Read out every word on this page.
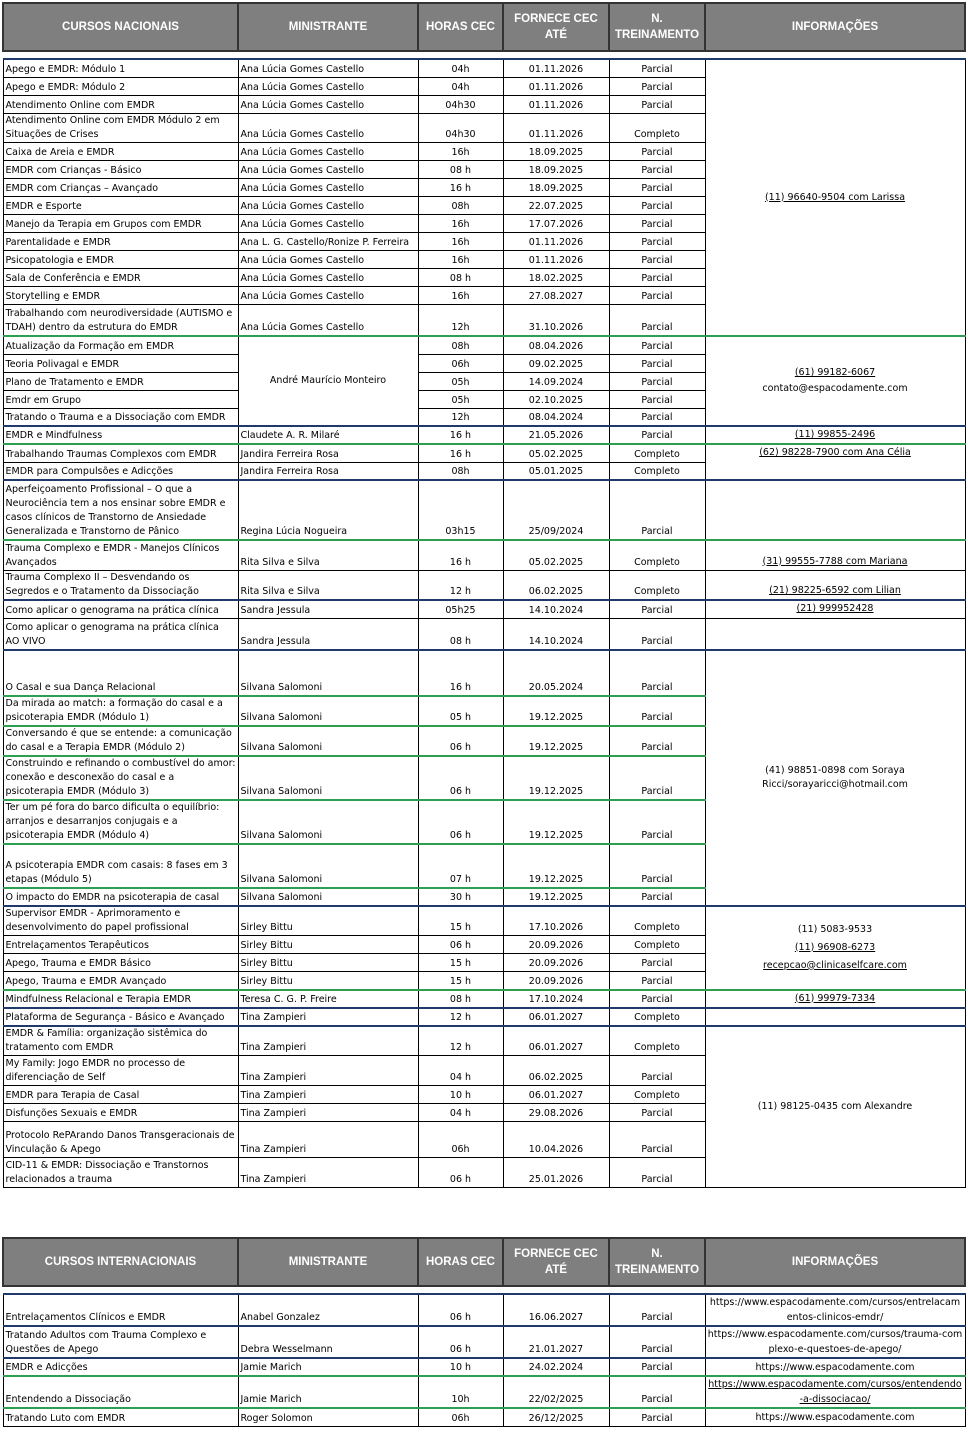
CURSOS NACIONAIS	MINISTRANTE	HORAS CEC	FORNECE CEC ATÉ	N. TREINAMENTO	INFORMAÇÕES

Apego e EMDR: Módulo 1	Ana Lúcia Gomes Castello	04h	01.11.2026	Parcial	(11) 96640-9504 com Larissa

Apego e EMDR: Módulo 2	Ana Lúcia Gomes Castello	04h	01.11.2026	Parcial	
Atendimento Online com EMDR	Ana Lúcia Gomes Castello	04h30	01.11.2026	Parcial	
Atendimento Online com EMDR Módulo 2 em Situações de Crises	Ana Lúcia Gomes Castello	04h30	01.11.2026	Completo	
Caixa de Areia e EMDR	Ana Lúcia Gomes Castello	16h	18.09.2025	Parcial	
EMDR com Crianças - Básico	Ana Lúcia Gomes Castello	08 h	18.09.2025	Parcial	
EMDR com Crianças – Avançado	Ana Lúcia Gomes Castello	16 h	18.09.2025	Parcial	
EMDR e Esporte	Ana Lúcia Gomes Castello	08h	22.07.2025	Parcial	
Manejo da Terapia em Grupos com EMDR	Ana Lúcia Gomes Castello	16h	17.07.2026	Parcial	
Parentalidade e EMDR	Ana L. G. Castello/Ronize P. Ferreira	16h	01.11.2026	Parcial	
Psicopatologia e EMDR	Ana Lúcia Gomes Castello	16h	01.11.2026	Parcial	
Sala de Conferência e EMDR	Ana Lúcia Gomes Castello	08 h	18.02.2025	Parcial	
Storytelling e EMDR	Ana Lúcia Gomes Castello	16h	27.08.2027	Parcial	
Trabalhando com neurodiversidade (AUTISMO e TDAH) dentro da estrutura do EMDR	Ana Lúcia Gomes Castello	12h	31.10.2026	Parcial	
Atualização da Formação em EMDR	André Maurício Monteiro	08h	08.04.2026	Parcial	(61) 99182-6067
contato@espacodamente.com

Teoria Polivagal e EMDR		06h	09.02.2025	Parcial	
Plano de Tratamento e EMDR		05h	14.09.2024	Parcial	
Emdr em Grupo		05h	02.10.2025	Parcial	
Tratando o Trauma e a Dissociação com EMDR		12h	08.04.2024	Parcial	
EMDR e Mindfulness	Claudete A. R. Milaré	16 h	21.05.2026	Parcial	(11) 99855-2496

Trabalhando Traumas Complexos com EMDR	Jandira Ferreira Rosa	16 h	05.02.2025	Completo	(62) 98228-7900 com Ana Célia

EMDR para Compulsões e Adicções	Jandira Ferreira Rosa	08h	05.01.2025	Completo	
Aperfeiçoamento Profissional – O que a Neurociência tem a nos ensinar sobre EMDR e casos clínicos de Transtorno de Ansiedade Generalizada e Transtorno de Pânico	Regina Lúcia Nogueira	03h15	25/09/2024	Parcial	
Trauma Complexo e EMDR - Manejos Clínicos Avançados	Rita Silva e Silva	16 h	05.02.2025	Completo	(31) 99555-7788 com Mariana

Trauma Complexo II – Desvendando os Segredos e o Tratamento da Dissociação	Rita Silva e Silva	12 h	06.02.2025	Completo	(21) 98225-6592 com Lilian

Como aplicar o genograma na prática clínica	Sandra Jessula	05h25	14.10.2024	Parcial	(21) 999952428

Como aplicar o genograma na prática clínica AO VIVO	Sandra Jessula	08 h	14.10.2024	Parcial	
O Casal e sua Dança Relacional	Silvana Salomoni	16 h	20.05.2024	Parcial	(41) 98851-0898 com Soraya Ricci/sorayaricci@hotmail.com

Da mirada ao match: a formação do casal e a psicoterapia EMDR (Módulo 1)	Silvana Salomoni	05 h	19.12.2025	Parcial	
Conversando é que se entende: a comunicação do casal e a Terapia EMDR (Módulo 2)	Silvana Salomoni	06 h	19.12.2025	Parcial	
Construindo e refinando o combustível do amor: conexão e desconexão do casal e a psicoterapia EMDR (Módulo 3)	Silvana Salomoni	06 h	19.12.2025	Parcial	
Ter um pé fora do barco dificulta o equilíbrio: arranjos e desarranjos conjugais e a psicoterapia EMDR (Módulo 4)	Silvana Salomoni	06 h	19.12.2025	Parcial	
A psicoterapia EMDR com casais: 8 fases em 3 etapas (Módulo 5)	Silvana Salomoni	07 h	19.12.2025	Parcial	
O impacto do EMDR na psicoterapia de casal	Silvana Salomoni	30 h	19.12.2025	Parcial	
Supervisor EMDR - Aprimoramento e desenvolvimento do papel profissional	Sirley Bittu	15 h	17.10.2026	Completo	(11) 5083-9533
(11) 96908-6273
recepcao@clinicaselfcare.com

Entrelaçamentos Terapêuticos	Sirley Bittu	06 h	20.09.2026	Completo	
Apego, Trauma e EMDR Básico	Sirley Bittu	15 h	20.09.2026	Parcial	
Apego, Trauma e EMDR Avançado	Sirley Bittu	15 h	20.09.2026	Parcial	
Mindfulness Relacional e Terapia EMDR	Teresa C. G. P. Freire	08 h	17.10.2024	Parcial	(61) 99979-7334

Plataforma de Segurança - Básico e Avançado	Tina Zampieri	12 h	06.01.2027	Completo	
EMDR & Família: organização sistêmica do tratamento com EMDR	Tina Zampieri	12 h	06.01.2027	Completo	(11) 98125-0435 com Alexandre

My Family: Jogo EMDR no processo de diferenciação de Self	Tina Zampieri	04 h	06.02.2025	Parcial	
EMDR para Terapia de Casal	Tina Zampieri	10 h	06.01.2027	Completo	
Disfunções Sexuais e EMDR	Tina Zampieri	04 h	29.08.2026	Parcial	
Protocolo RePArando Danos Transgeracionais de Vinculação & Apego	Tina Zampieri	06h	10.04.2026	Parcial	
CID-11 & EMDR: Dissociação e Transtornos relacionados a trauma	Tina Zampieri	06 h	25.01.2026	Parcial	
CURSOS INTERNACIONAIS	MINISTRANTE	HORAS CEC	FORNECE CEC ATÉ	N. TREINAMENTO	INFORMAÇÕES

Entrelaçamentos Clínicos e EMDR	Anabel Gonzalez	06 h	16.06.2027	Parcial	https://www.espacodamente.com/cursos/entrelacamentos-clinicos-emdr/
Tratando Adultos com Trauma Complexo e Questões de Apego	Debra Wesselmann	06 h	21.01.2027	Parcial	https://www.espacodamente.com/cursos/trauma-complexo-e-questoes-de-apego/
EMDR e Adicções	Jamie Marich	10 h	24.02.2024	Parcial	https://www.espacodamente.com
Entendendo a Dissociação	Jamie Marich	10h	22/02/2025	Parcial	https://www.espacodamente.com/cursos/entendendo-a-dissociacao/
Tratando Luto com EMDR	Roger Solomon	06h	26/12/2025	Parcial	https://www.espacodamente.com
